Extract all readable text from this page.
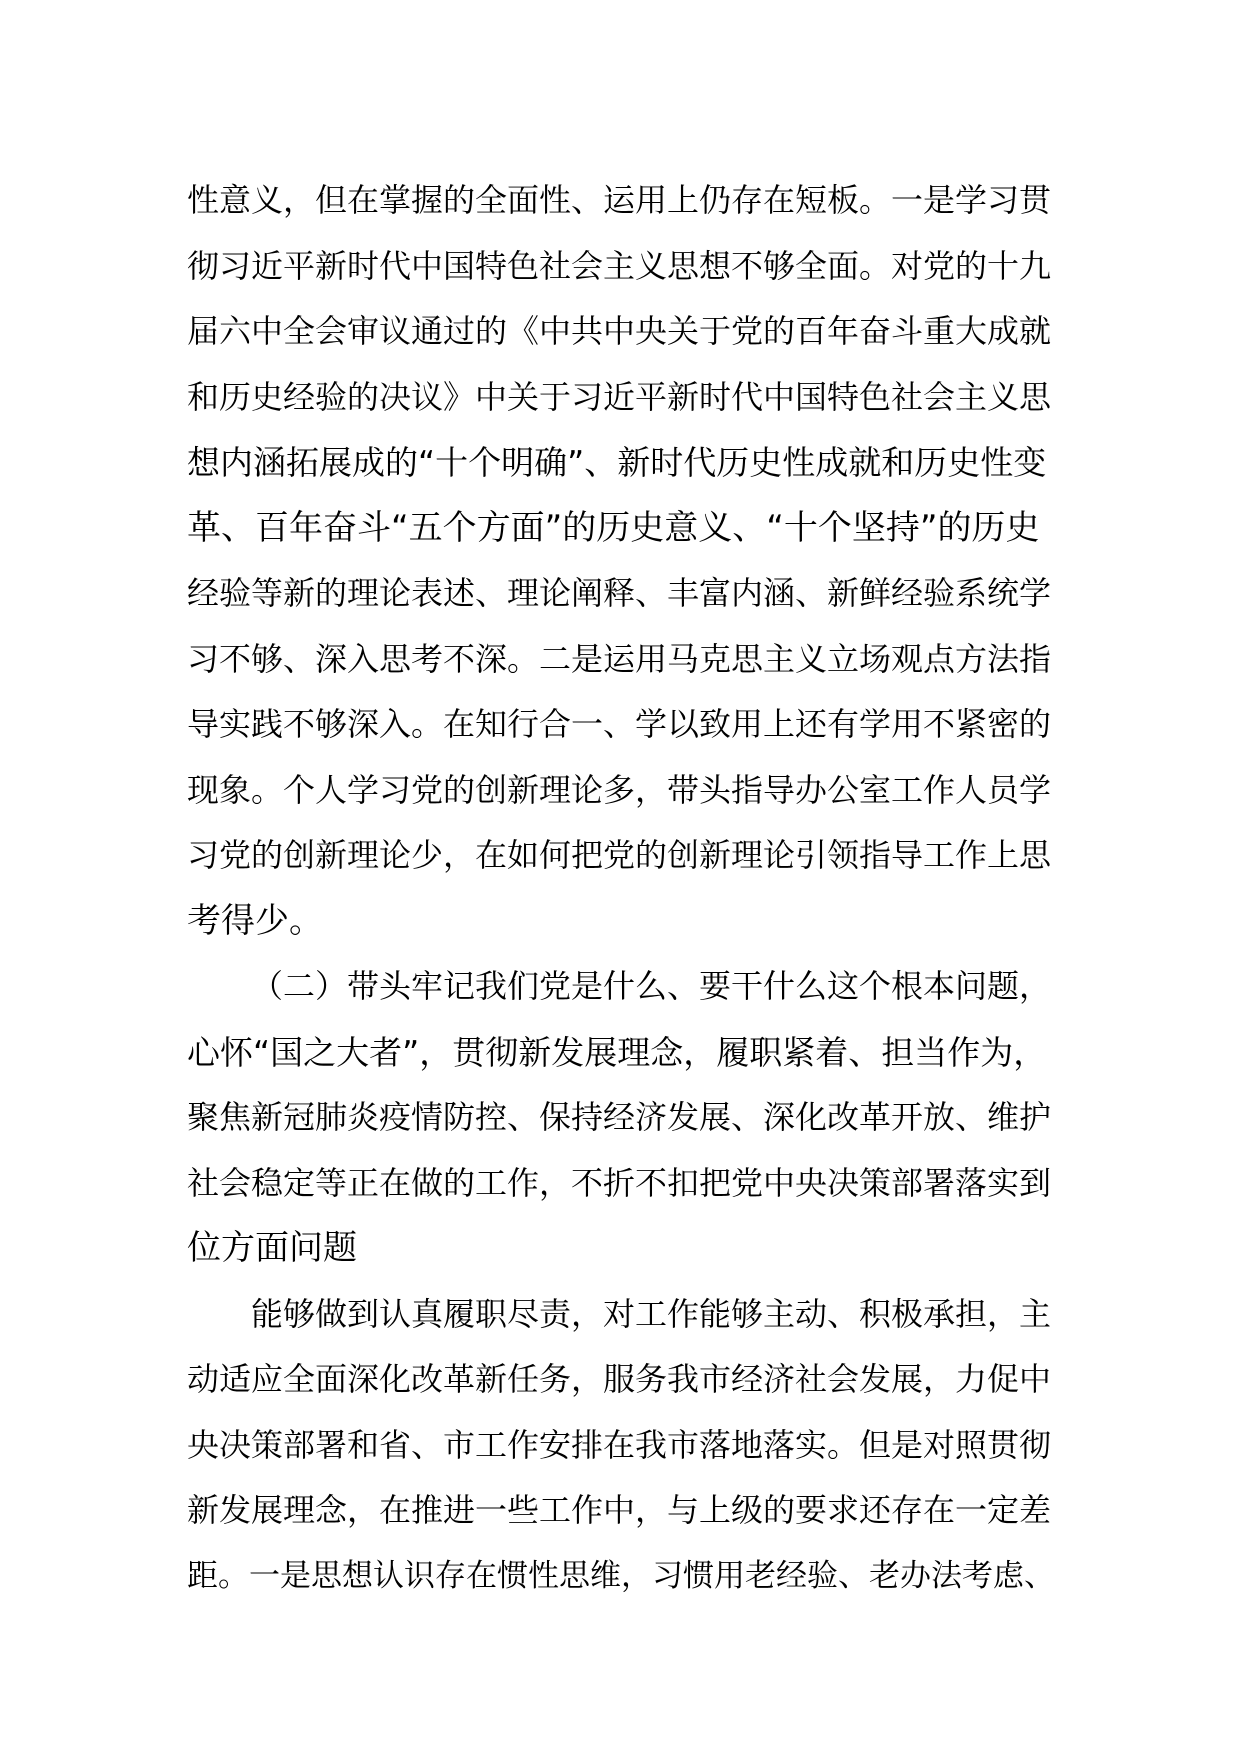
性意义，但在掌握的全面性、运用上仍存在短板。一是学习贯
彻习近平新时代中国特色社会主义思想不够全面。对党的十九
届六中全会审议通过的《中共中央关于党的百年奋斗重大成就
和历史经验的决议》中关于习近平新时代中国特色社会主义思
想内涵拓展成的“十个明确”、新时代历史性成就和历史性变
革、百年奋斗“五个方面”的历史意义、“十个坚持”的历史
经验等新的理论表述、理论阐释、丰富内涵、新鲜经验系统学
习不够、深入思考不深。二是运用马克思主义立场观点方法指
导实践不够深入。在知行合一、学以致用上还有学用不紧密的
现象。个人学习党的创新理论多，带头指导办公室工作人员学
习党的创新理论少，在如何把党的创新理论引领指导工作上思
考得少。
（二）带头牢记我们党是什么、要干什么这个根本问题，
心怀“国之大者”，贯彻新发展理念，履职紧着、担当作为，
聚焦新冠肺炎疫情防控、保持经济发展、深化改革开放、维护
社会稳定等正在做的工作，不折不扣把党中央决策部署落实到
位方面问题
能够做到认真履职尽责，对工作能够主动、积极承担，主
动适应全面深化改革新任务，服务我市经济社会发展，力促中
央决策部署和省、市工作安排在我市落地落实。但是对照贯彻
新发展理念，在推进一些工作中，与上级的要求还存在一定差
距。一是思想认识存在惯性思维，习惯用老经验、老办法考虑、
